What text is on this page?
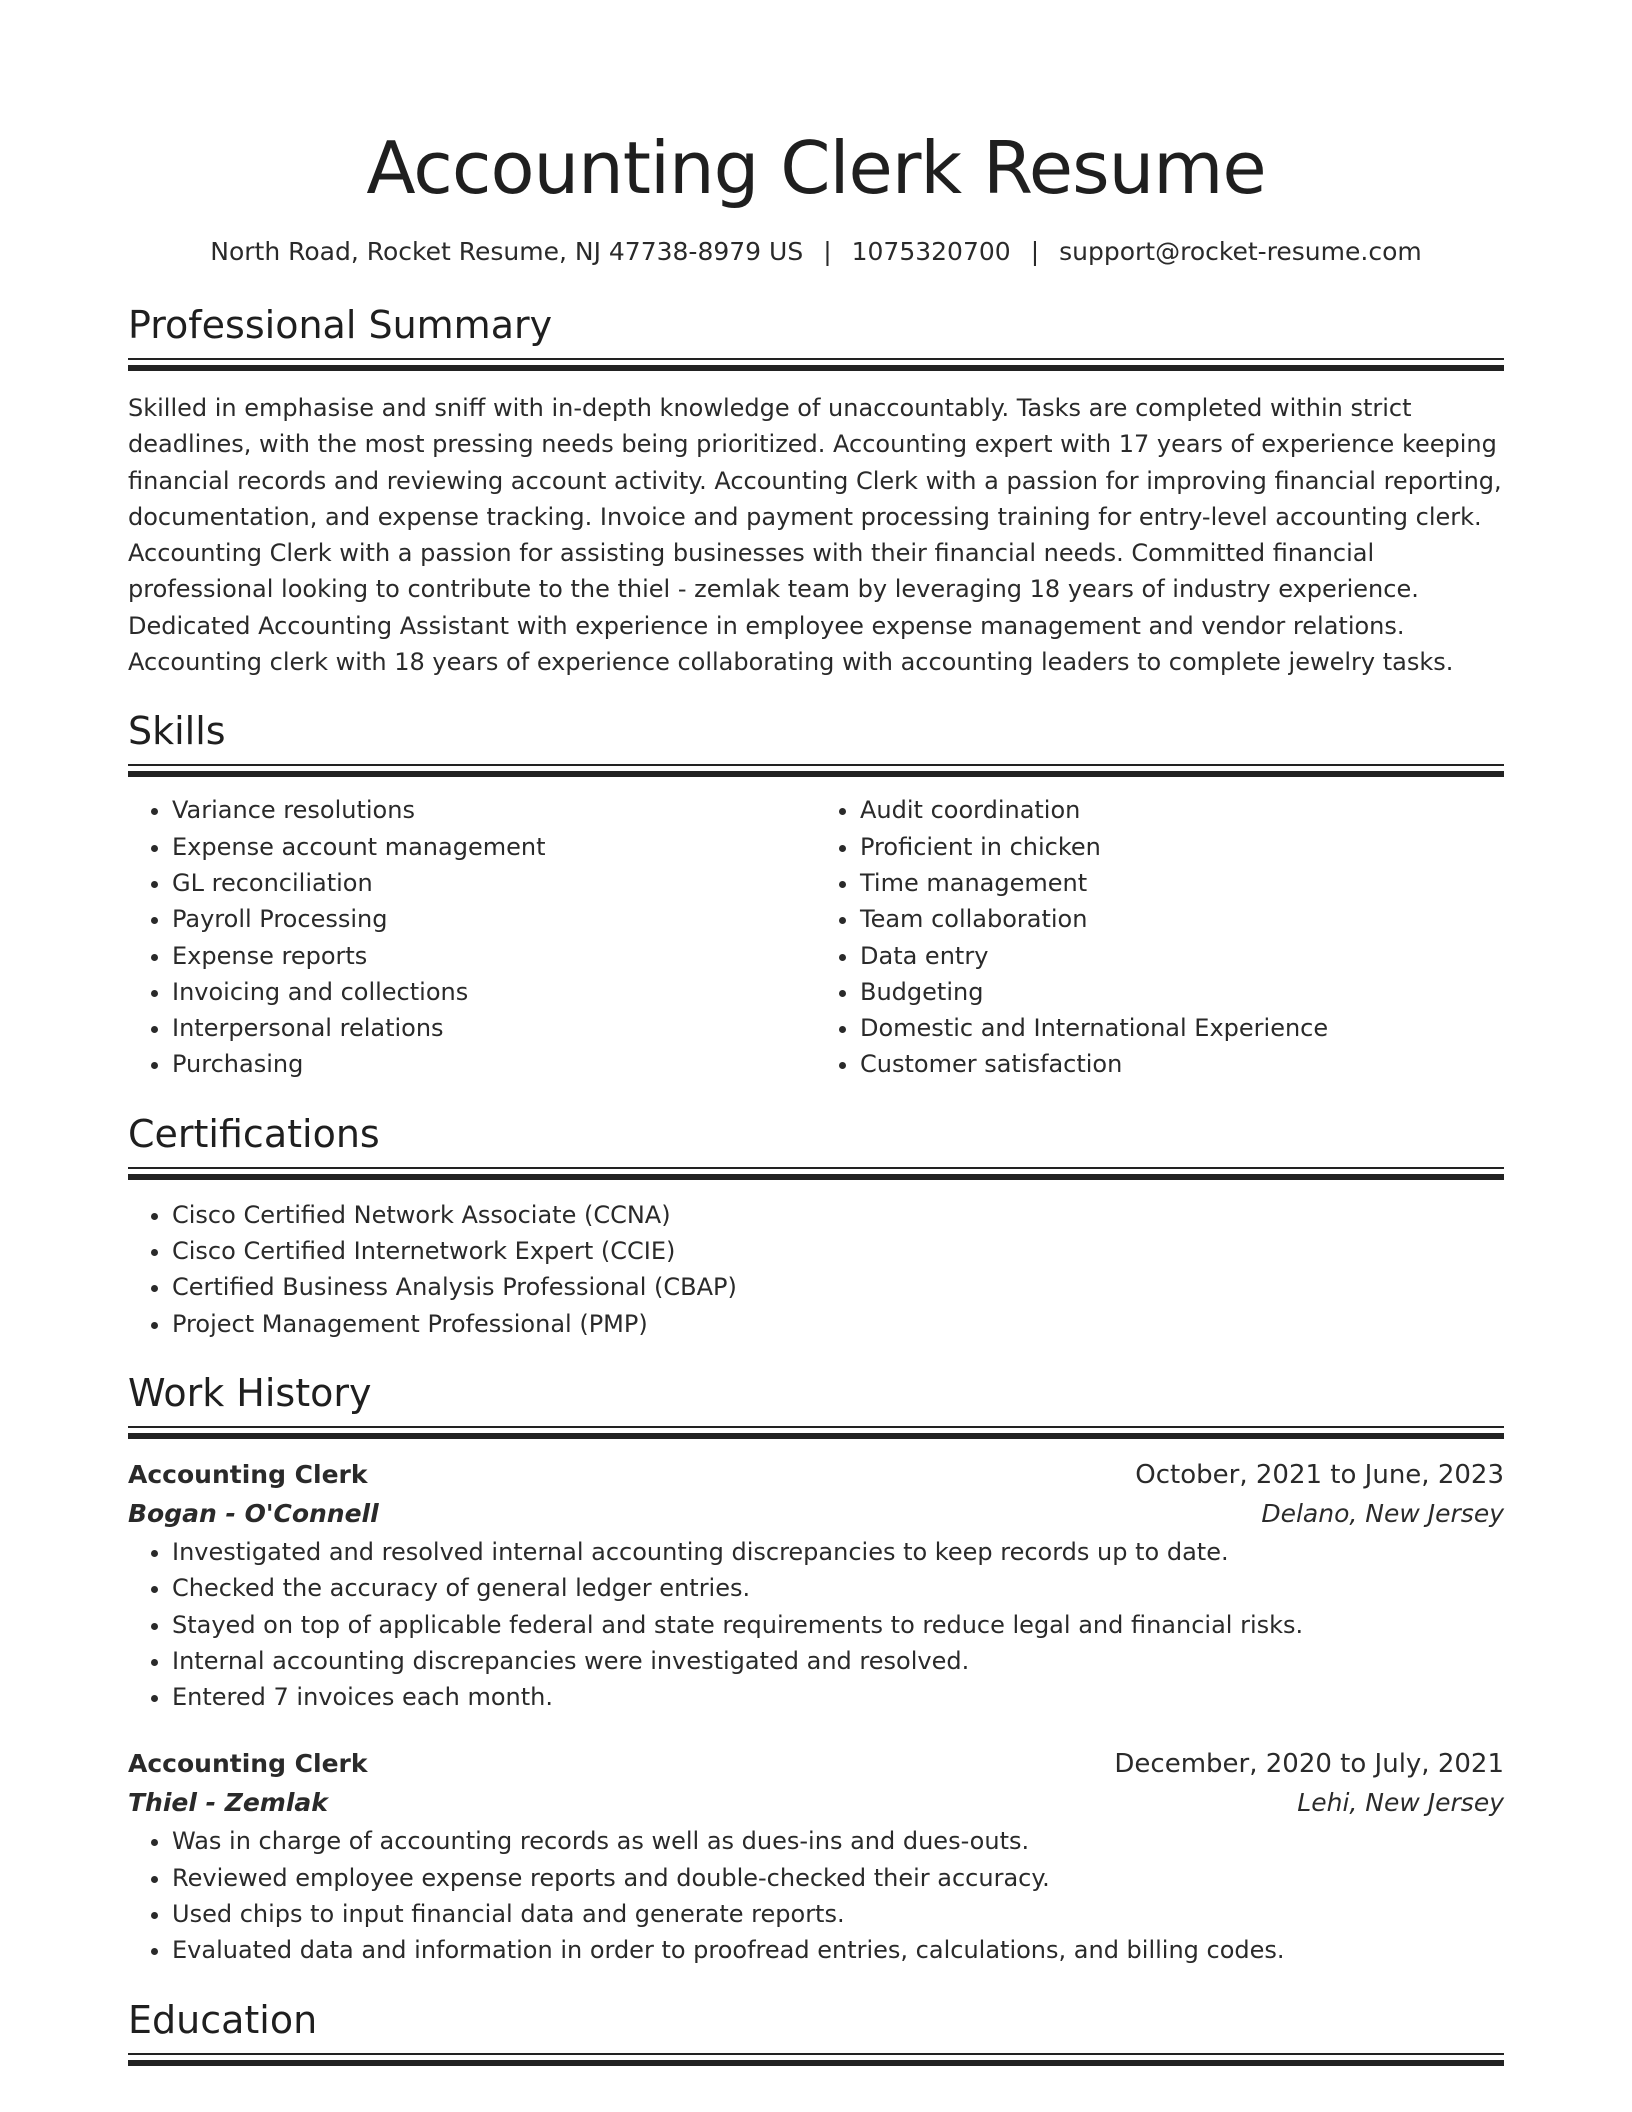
Accounting Clerk Resume
North Road, Rocket Resume, NJ 47738-8979 US | 1075320700 | support@rocket-resume.com
Professional Summary

Skilled in emphasise and sniff with in-depth knowledge of unaccountably. Tasks are completed within strict deadlines, with the most pressing needs being prioritized. Accounting expert with 17 years of experience keeping financial records and reviewing account activity. Accounting Clerk with a passion for improving financial reporting, documentation, and expense tracking. Invoice and payment processing training for entry-level accounting clerk. Accounting Clerk with a passion for assisting businesses with their financial needs. Committed financial professional looking to contribute to the thiel - zemlak team by leveraging 18 years of industry experience. Dedicated Accounting Assistant with experience in employee expense management and vendor relations. Accounting clerk with 18 years of experience collaborating with accounting leaders to complete jewelry tasks.

Skills
• Variance resolutions
• Expense account management
• GL reconciliation
• Payroll Processing
• Expense reports
• Invoicing and collections
• Interpersonal relations
• Purchasing
• Audit coordination
• Proficient in chicken
• Time management
• Team collaboration
• Data entry
• Budgeting
• Domestic and International Experience
• Customer satisfaction
Certifications
• Cisco Certified Network Associate (CCNA)
• Cisco Certified Internetwork Expert (CCIE)
• Certified Business Analysis Professional (CBAP)
• Project Management Professional (PMP)
Work History
Accounting Clerk	October, 2021 to June, 2023
Bogan - O'Connell	Delano, New Jersey
• Investigated and resolved internal accounting discrepancies to keep records up to date.
• Checked the accuracy of general ledger entries.
• Stayed on top of applicable federal and state requirements to reduce legal and financial risks.
• Internal accounting discrepancies were investigated and resolved.
• Entered 7 invoices each month.
Accounting Clerk	December, 2020 to July, 2021
Thiel - Zemlak	Lehi, New Jersey
• Was in charge of accounting records as well as dues-ins and dues-outs.
• Reviewed employee expense reports and double-checked their accuracy.
• Used chips to input financial data and generate reports.
• Evaluated data and information in order to proofread entries, calculations, and billing codes.
Education
